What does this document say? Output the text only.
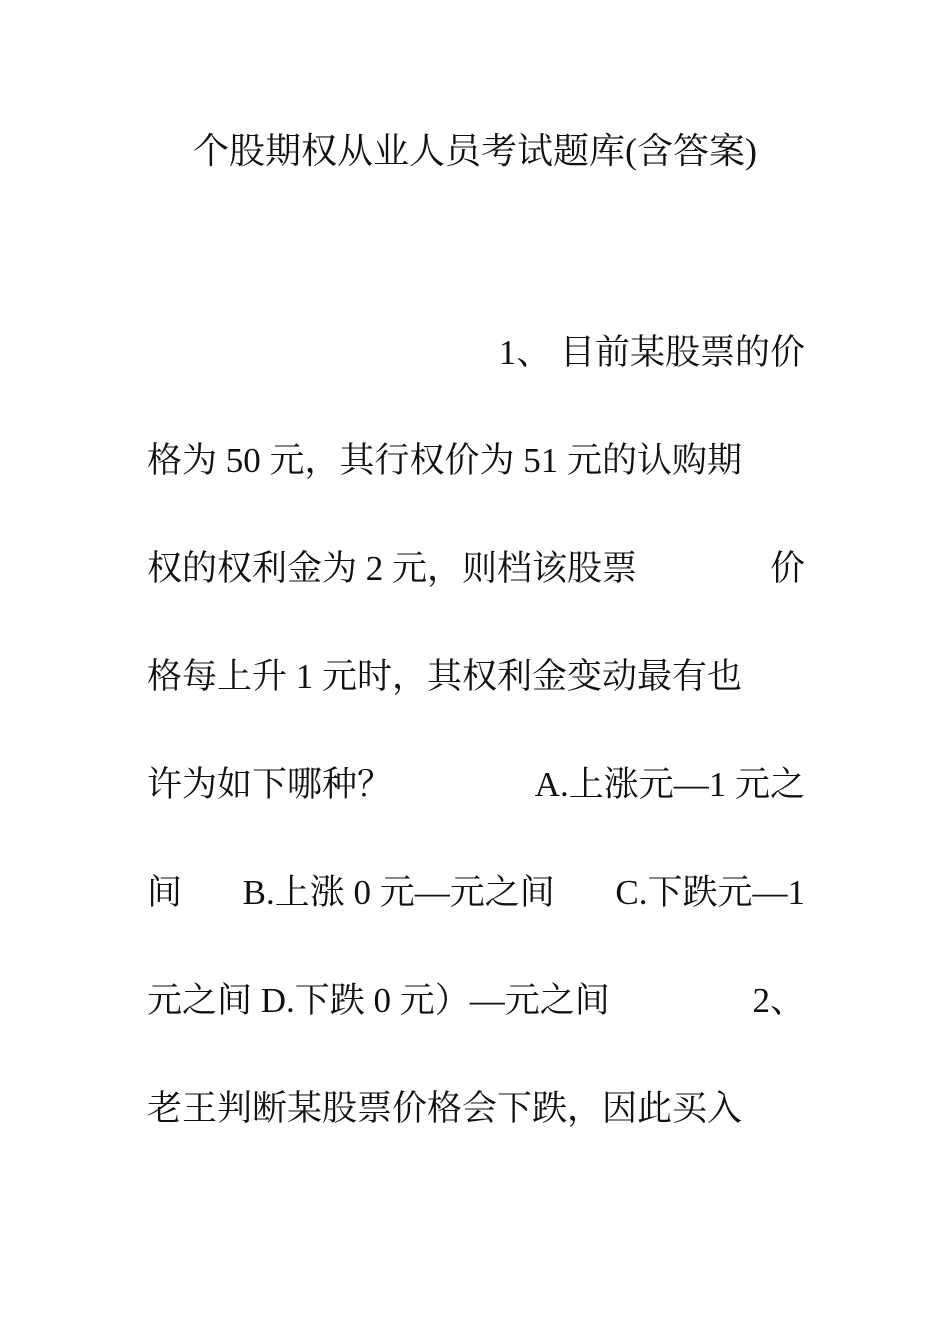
个股期权从业人员考试题库(含答案)
1、 目前某股票的价
格为 50 元，其行权价为 51 元的认购期
权的权利金为 2 元，则档该股票	价
格每上升 1 元时，其权利金变动最有也
许为如下哪种？	A.上涨元—1 元之
间 B.上涨 0 元—元之间 C.下跌元—1
元之间 D.下跌 0 元）—元之间	2、
老王判断某股票价格会下跌，因此买入
